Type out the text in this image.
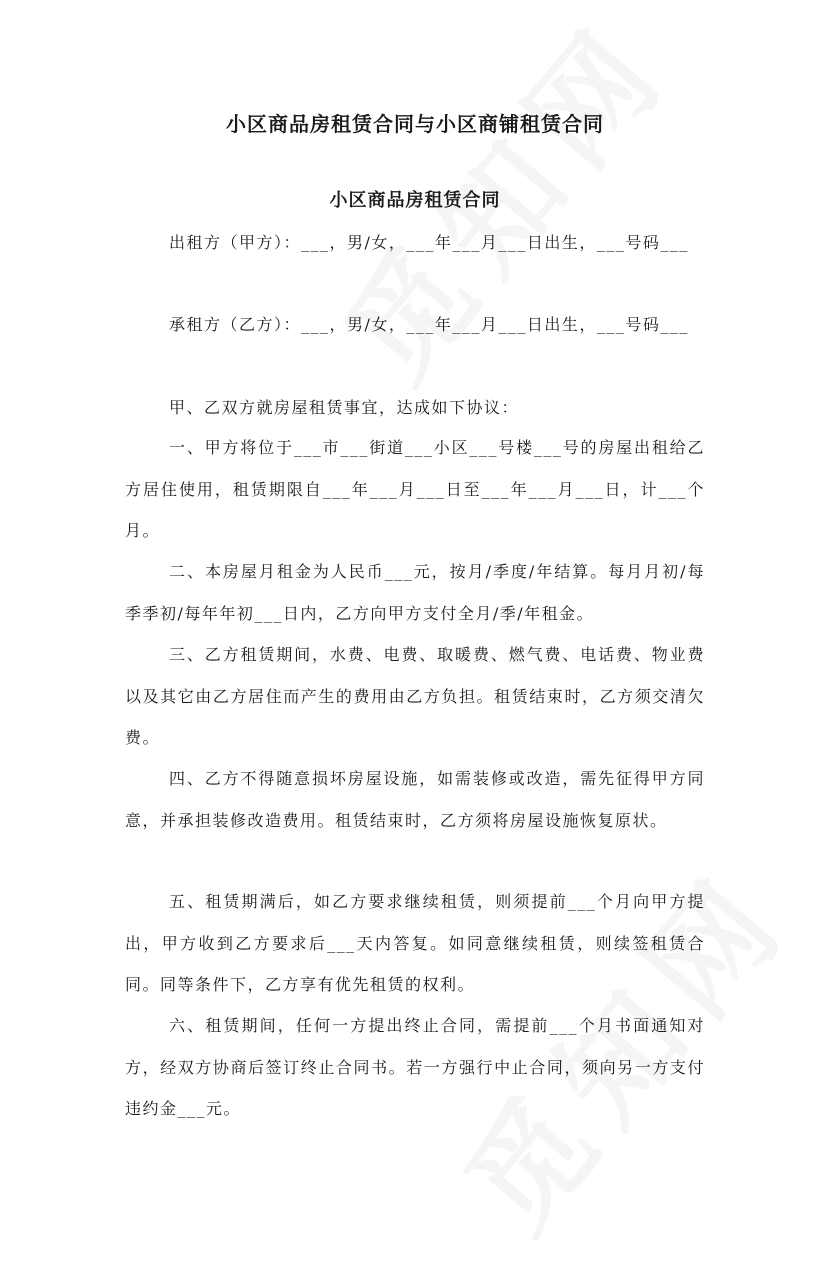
小区商品房租赁合同与小区商铺租赁合同
小区商品房租赁合同

出租方（甲方）：___，男/女，___年___月___日出生，___号码___

承租方（乙方）：___，男/女，___年___月___日出生，___号码___

甲、乙双方就房屋租赁事宜，达成如下协议：

一、甲方将位于___市___街道___小区___号楼___号的房屋出租给乙方居住使用，租赁期限自___年___月___日至___年___月___日，计___个月。

二、本房屋月租金为人民币___元，按月/季度/年结算。每月月初/每季季初/每年年初___日内，乙方向甲方支付全月/季/年租金。

三、乙方租赁期间，水费、电费、取暖费、燃气费、电话费、物业费以及其它由乙方居住而产生的费用由乙方负担。租赁结束时，乙方须交清欠费。

四、乙方不得随意损坏房屋设施，如需装修或改造，需先征得甲方同意，并承担装修改造费用。租赁结束时，乙方须将房屋设施恢复原状。

五、租赁期满后，如乙方要求继续租赁，则须提前___个月向甲方提出，甲方收到乙方要求后___天内答复。如同意继续租赁，则续签租赁合同。同等条件下，乙方享有优先租赁的权利。

六、租赁期间，任何一方提出终止合同，需提前___个月书面通知对方，经双方协商后签订终止合同书。若一方强行中止合同，须向另一方支付违约金___元。
